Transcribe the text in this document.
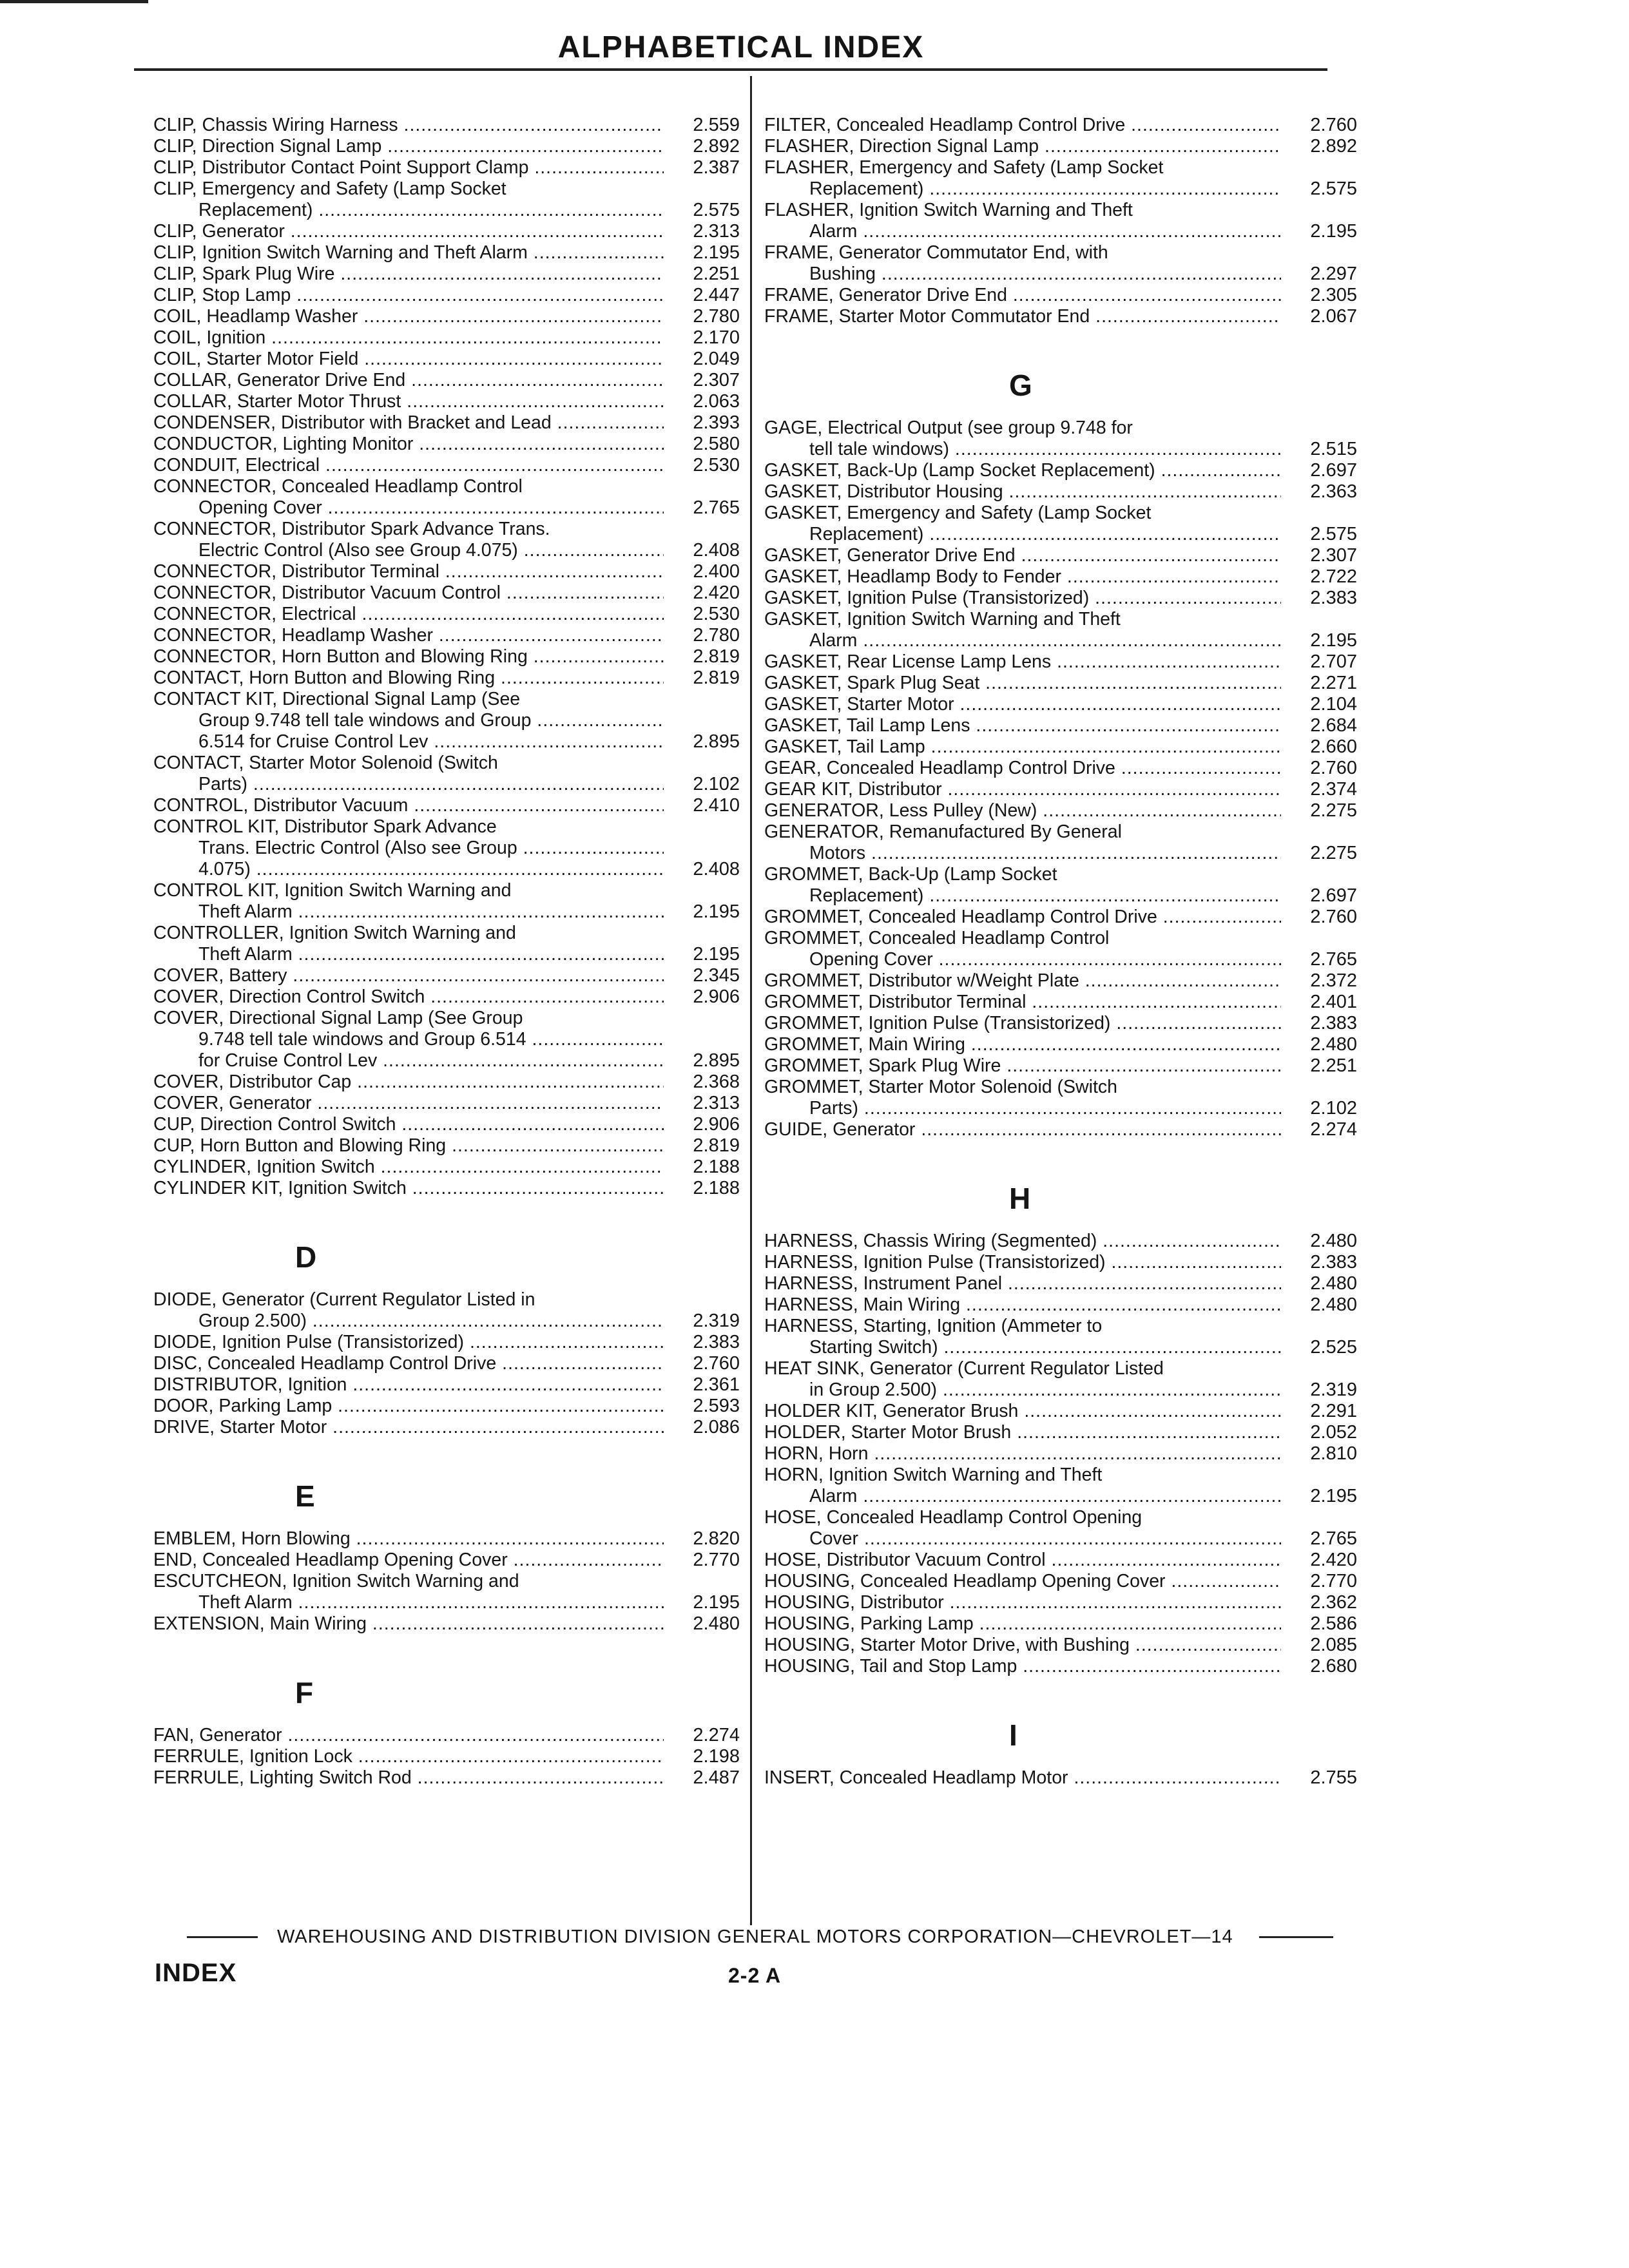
ALPHABETICAL INDEX
CLIP, Chassis Wiring Harness .....	2.559
CLIP, Direction Signal Lamp .....	2.892
CLIP, Distributor Contact Point Support Clamp .....	2.387
CLIP, Emergency and Safety (Lamp Socket
Replacement) .....	2.575
CLIP, Generator .....	2.313
CLIP, Ignition Switch Warning and Theft Alarm .....	2.195
CLIP, Spark Plug Wire .....	2.251
CLIP, Stop Lamp .....	2.447
COIL, Headlamp Washer .....	2.780
COIL, Ignition .....	2.170
COIL, Starter Motor Field .....	2.049
COLLAR, Generator Drive End .....	2.307
COLLAR, Starter Motor Thrust .....	2.063
CONDENSER, Distributor with Bracket and Lead .....	2.393
CONDUCTOR, Lighting Monitor .....	2.580
CONDUIT, Electrical .....	2.530
CONNECTOR, Concealed Headlamp Control
Opening Cover .....	2.765
CONNECTOR, Distributor Spark Advance Trans.
Electric Control (Also see Group 4.075) .....	2.408
CONNECTOR, Distributor Terminal .....	2.400
CONNECTOR, Distributor Vacuum Control .....	2.420
CONNECTOR, Electrical .....	2.530
CONNECTOR, Headlamp Washer .....	2.780
CONNECTOR, Horn Button and Blowing Ring .....	2.819
CONTACT, Horn Button and Blowing Ring .....	2.819
CONTACT KIT, Directional Signal Lamp (See
Group 9.748 tell tale windows and Group .....
6.514 for Cruise Control Lev .....	2.895
CONTACT, Starter Motor Solenoid (Switch
Parts) .....	2.102
CONTROL, Distributor Vacuum .....	2.410
CONTROL KIT, Distributor Spark Advance
Trans. Electric Control (Also see Group .....
4.075) .....	2.408
CONTROL KIT, Ignition Switch Warning and
Theft Alarm .....	2.195
CONTROLLER, Ignition Switch Warning and
Theft Alarm .....	2.195
COVER, Battery .....	2.345
COVER, Direction Control Switch .....	2.906
COVER, Directional Signal Lamp (See Group
9.748 tell tale windows and Group 6.514 .....
for Cruise Control Lev .....	2.895
COVER, Distributor Cap .....	2.368
COVER, Generator .....	2.313
CUP, Direction Control Switch .....	2.906
CUP, Horn Button and Blowing Ring .....	2.819
CYLINDER, Ignition Switch .....	2.188
CYLINDER KIT, Ignition Switch .....	2.188
D
DIODE, Generator (Current Regulator Listed in
Group 2.500) .....	2.319
DIODE, Ignition Pulse (Transistorized) .....	2.383
DISC, Concealed Headlamp Control Drive .....	2.760
DISTRIBUTOR, Ignition .....	2.361
DOOR, Parking Lamp .....	2.593
DRIVE, Starter Motor .....	2.086
E
EMBLEM, Horn Blowing .....	2.820
END, Concealed Headlamp Opening Cover .....	2.770
ESCUTCHEON, Ignition Switch Warning and
Theft Alarm .....	2.195
EXTENSION, Main Wiring .....	2.480
F
FAN, Generator .....	2.274
FERRULE, Ignition Lock .....	2.198
FERRULE, Lighting Switch Rod .....	2.487
FILTER, Concealed Headlamp Control Drive .....	2.760
FLASHER, Direction Signal Lamp .....	2.892
FLASHER, Emergency and Safety (Lamp Socket
Replacement) .....	2.575
FLASHER, Ignition Switch Warning and Theft
Alarm .....	2.195
FRAME, Generator Commutator End, with
Bushing .....	2.297
FRAME, Generator Drive End .....	2.305
FRAME, Starter Motor Commutator End .....	2.067
G
GAGE, Electrical Output (see group 9.748 for
tell tale windows) .....	2.515
GASKET, Back-Up (Lamp Socket Replacement) .....	2.697
GASKET, Distributor Housing .....	2.363
GASKET, Emergency and Safety (Lamp Socket
Replacement) .....	2.575
GASKET, Generator Drive End .....	2.307
GASKET, Headlamp Body to Fender .....	2.722
GASKET, Ignition Pulse (Transistorized) .....	2.383
GASKET, Ignition Switch Warning and Theft
Alarm .....	2.195
GASKET, Rear License Lamp Lens .....	2.707
GASKET, Spark Plug Seat .....	2.271
GASKET, Starter Motor .....	2.104
GASKET, Tail Lamp Lens .....	2.684
GASKET, Tail Lamp .....	2.660
GEAR, Concealed Headlamp Control Drive .....	2.760
GEAR KIT, Distributor .....	2.374
GENERATOR, Less Pulley (New) .....	2.275
GENERATOR, Remanufactured By General
Motors .....	2.275
GROMMET, Back-Up (Lamp Socket
Replacement) .....	2.697
GROMMET, Concealed Headlamp Control Drive .....	2.760
GROMMET, Concealed Headlamp Control
Opening Cover .....	2.765
GROMMET, Distributor w/Weight Plate .....	2.372
GROMMET, Distributor Terminal .....	2.401
GROMMET, Ignition Pulse (Transistorized) .....	2.383
GROMMET, Main Wiring .....	2.480
GROMMET, Spark Plug Wire .....	2.251
GROMMET, Starter Motor Solenoid (Switch
Parts) .....	2.102
GUIDE, Generator .....	2.274
H
HARNESS, Chassis Wiring (Segmented) .....	2.480
HARNESS, Ignition Pulse (Transistorized) .....	2.383
HARNESS, Instrument Panel .....	2.480
HARNESS, Main Wiring .....	2.480
HARNESS, Starting, Ignition (Ammeter to
Starting Switch) .....	2.525
HEAT SINK, Generator (Current Regulator Listed
in Group 2.500) .....	2.319
HOLDER KIT, Generator Brush .....	2.291
HOLDER, Starter Motor Brush .....	2.052
HORN, Horn .....	2.810
HORN, Ignition Switch Warning and Theft
Alarm .....	2.195
HOSE, Concealed Headlamp Control Opening
Cover .....	2.765
HOSE, Distributor Vacuum Control .....	2.420
HOUSING, Concealed Headlamp Opening Cover .....	2.770
HOUSING, Distributor .....	2.362
HOUSING, Parking Lamp .....	2.586
HOUSING, Starter Motor Drive, with Bushing .....	2.085
HOUSING, Tail and Stop Lamp .....	2.680
I
INSERT, Concealed Headlamp Motor .....	2.755
WAREHOUSING AND DISTRIBUTION DIVISION GENERAL MOTORS CORPORATION—CHEVROLET—14
INDEX	2-2 A
